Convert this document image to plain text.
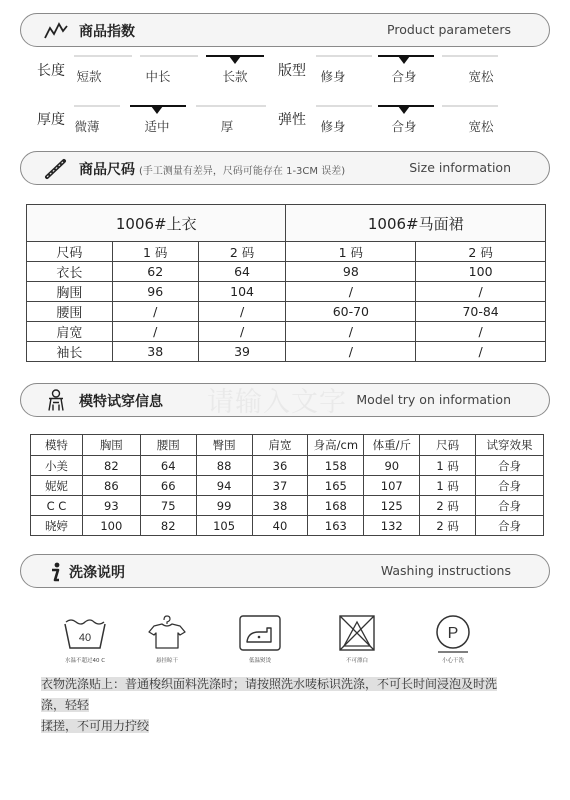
商品指数	Product parameters
长度 短款	中长	长款 版型 修身	合身	宽松
厚度 微薄	适中	厚	弹性 修身	合身	宽松
商品尺码 (手工测量有差异，尺码可能存在 1-3CM 误差)	Size information
1006#上衣			1006#马面裙	
尺码	1 码	2 码	1 码	2 码
衣长	62	64	98	100
胸围	96	104	/	/
腰围	/	/	60-70	70-84
肩宽	/	/	/	/
袖长	38	39	/	/
模特试穿信息 请输入文字 Model try on information
模特	胸围	腰围	臀围	肩宽	身高/cm	体重/斤	尺码	试穿效果
小美	82	64	88	36	158	90	1 码	合身
妮妮	86	66	94	37	165	107	1 码	合身
C C	93	75	99	38	168	125	2 码	合身
晓婷	100	82	105	40	163	132	2 码	合身
洗涤说明	Washing instructions
40
水温不超过40 C	悬挂晾干	低温熨烫	不可漂白
P
小心干洗
衣物洗涤贴上：普通梭织面料洗涤时；请按照洗水唛标识洗涤，不可长时间浸泡及时洗涤，轻轻
揉搓，不可用力拧绞
